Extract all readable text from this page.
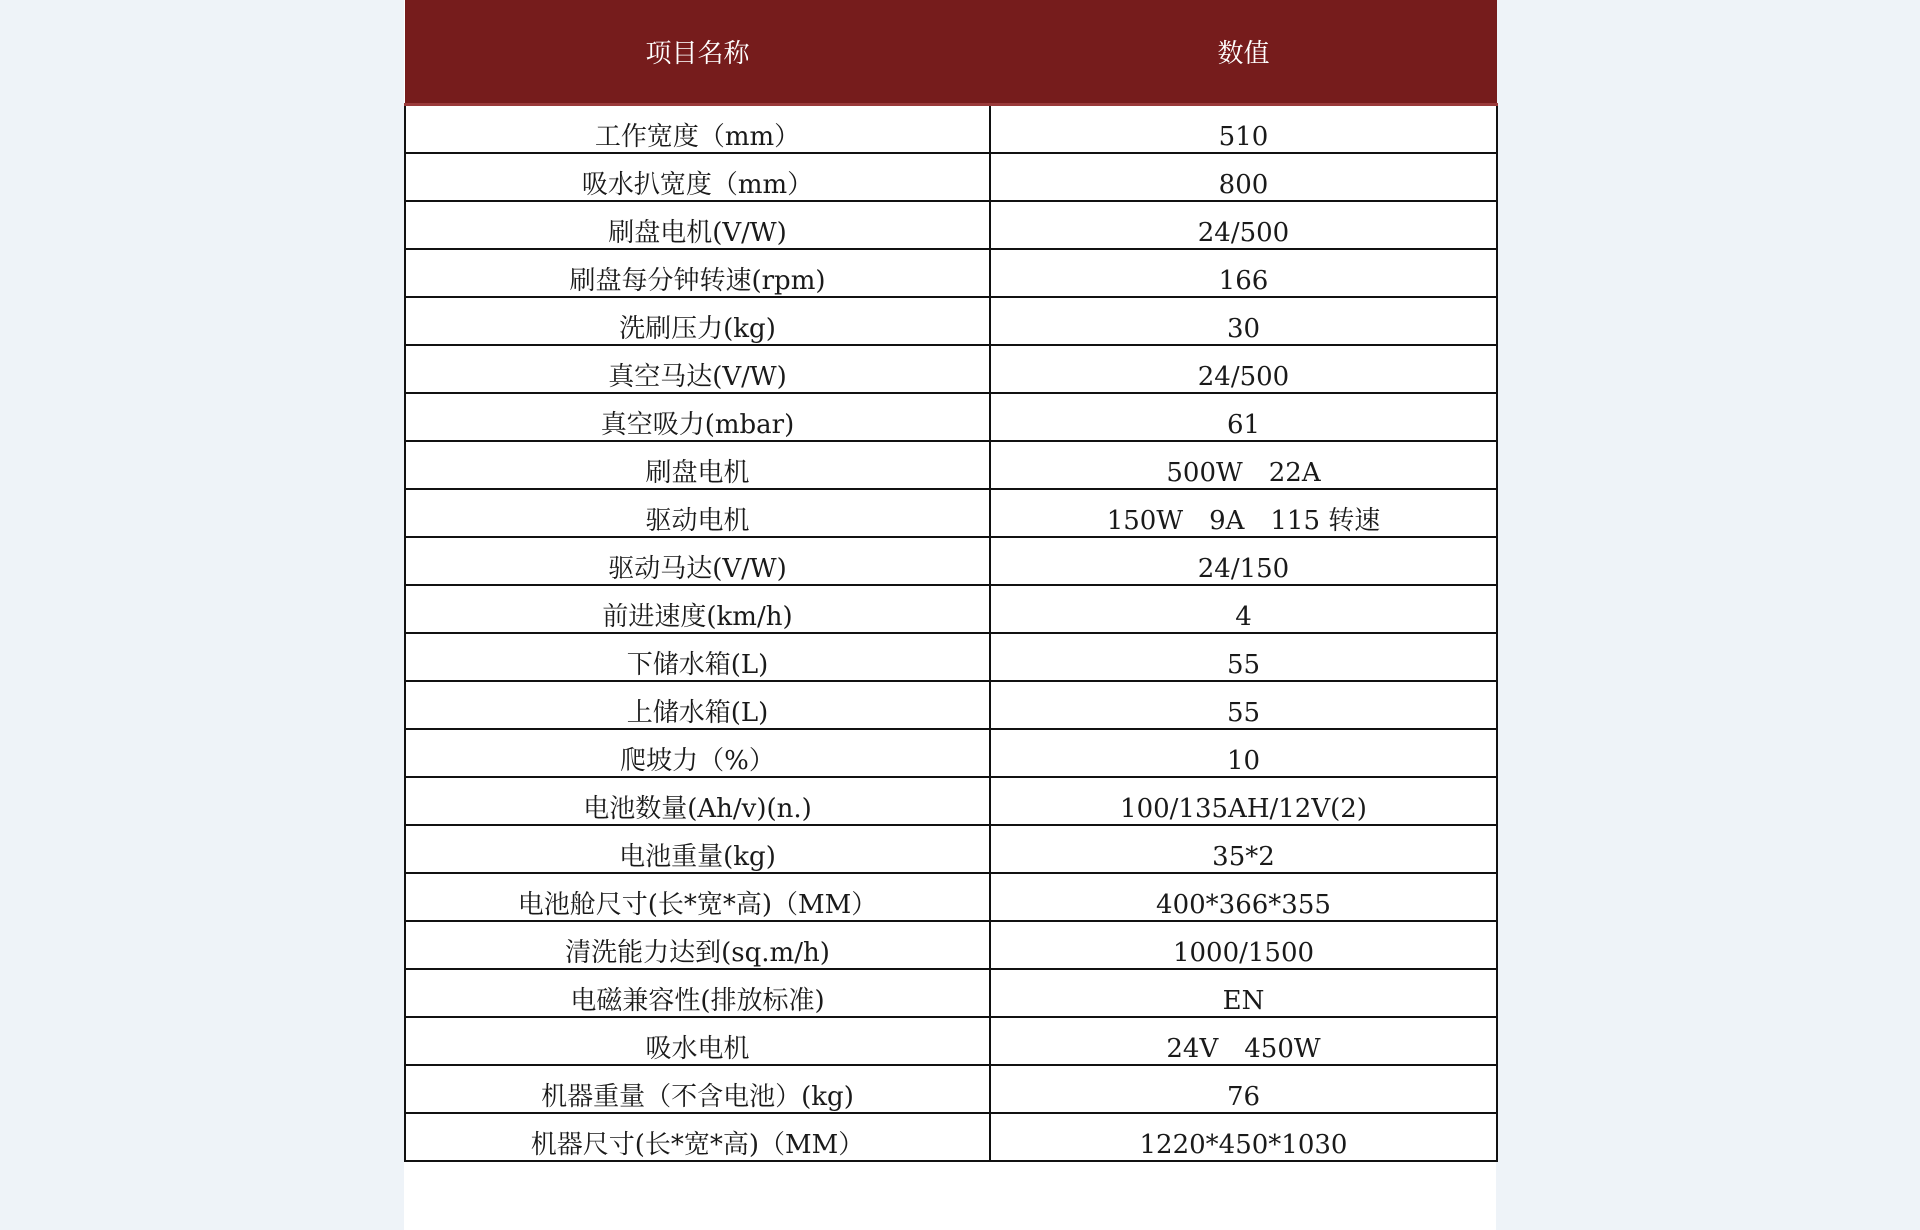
项目名称	数值
工作宽度（mm）	510
吸水扒宽度（mm）	800
刷盘电机(V/W)	24/500
刷盘每分钟转速(rpm)	166
洗刷压力(kg)	30
真空马达(V/W)	24/500
真空吸力(mbar)	61
刷盘电机	500W　22A
驱动电机	150W　9A　115 转速
驱动马达(V/W)	24/150
前进速度(km/h)	4
下储水箱(L)	55
上储水箱(L)	55
爬坡力（%）	10
电池数量(Ah/v)(n.)	100/135AH/12V(2)
电池重量(kg)	35*2
电池舱尺寸(长*宽*高)（MM）	400*366*355
清洗能力达到(sq.m/h)	1000/1500
电磁兼容性(排放标准)	EN
吸水电机	24V　450W
机器重量（不含电池）(kg)	76
机器尺寸(长*宽*高)（MM）	1220*450*1030
